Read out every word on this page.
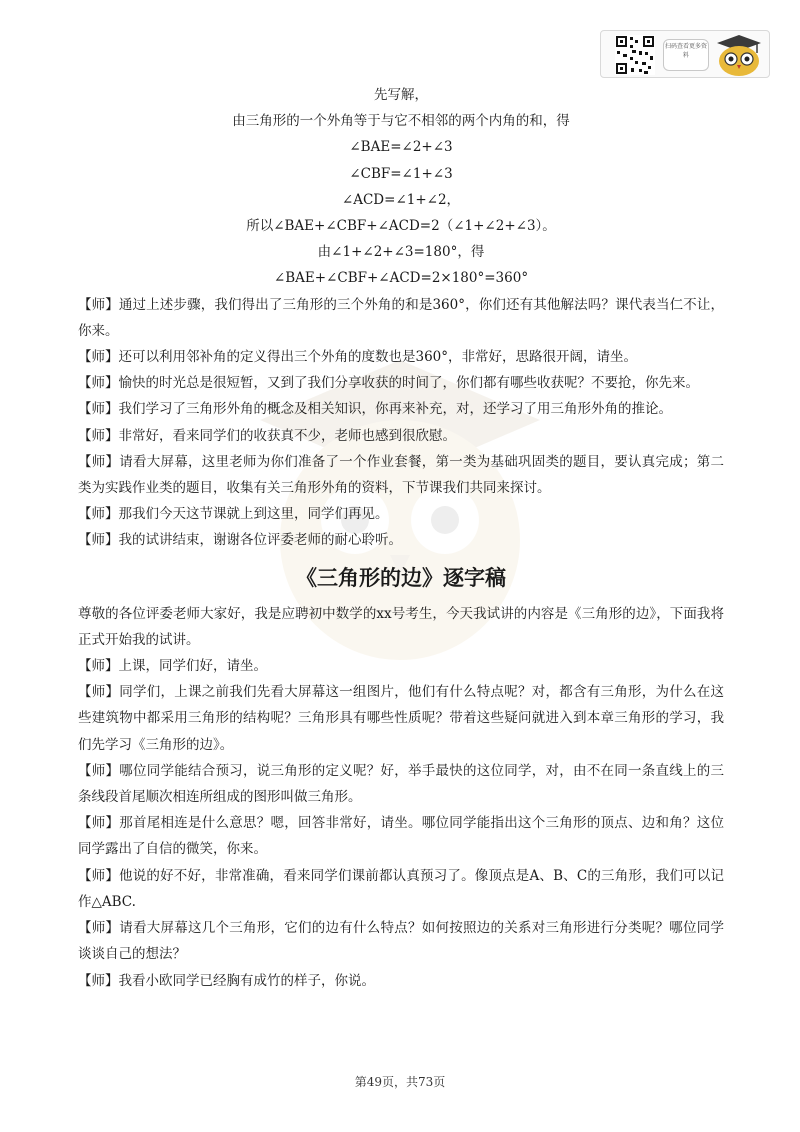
扫码查看更多资料
先写解，
由三角形的一个外角等于与它不相邻的两个内角的和，得
∠BAE=∠2+∠3
∠CBF=∠1+∠3
∠ACD=∠1+∠2，
所以∠BAE+∠CBF+∠ACD=2（∠1+∠2+∠3）。
由∠1+∠2+∠3=180°，得
∠BAE+∠CBF+∠ACD=2×180°=360°

【师】通过上述步骤，我们得出了三角形的三个外角的和是360°，你们还有其他解法吗？课代表当仁不让，你来。

【师】还可以利用邻补角的定义得出三个外角的度数也是360°，非常好，思路很开阔，请坐。

【师】愉快的时光总是很短暂，又到了我们分享收获的时间了，你们都有哪些收获呢？不要抢，你先来。

【师】我们学习了三角形外角的概念及相关知识，你再来补充，对，还学习了用三角形外角的推论。

【师】非常好，看来同学们的收获真不少，老师也感到很欣慰。

【师】请看大屏幕，这里老师为你们准备了一个作业套餐，第一类为基础巩固类的题目，要认真完成；第二类为实践作业类的题目，收集有关三角形外角的资料，下节课我们共同来探讨。

【师】那我们今天这节课就上到这里，同学们再见。

【师】我的试讲结束，谢谢各位评委老师的耐心聆听。

《三角形的边》逐字稿

尊敬的各位评委老师大家好，我是应聘初中数学的xx号考生，今天我试讲的内容是《三角形的边》，下面我将正式开始我的试讲。

【师】上课，同学们好，请坐。

【师】同学们，上课之前我们先看大屏幕这一组图片，他们有什么特点呢？对，都含有三角形，为什么在这些建筑物中都采用三角形的结构呢？三角形具有哪些性质呢？带着这些疑问就进入到本章三角形的学习，我们先学习《三角形的边》。

【师】哪位同学能结合预习，说三角形的定义呢？好，举手最快的这位同学，对，由不在同一条直线上的三条线段首尾顺次相连所组成的图形叫做三角形。

【师】那首尾相连是什么意思？嗯，回答非常好，请坐。哪位同学能指出这个三角形的顶点、边和角？这位同学露出了自信的微笑，你来。

【师】他说的好不好，非常准确，看来同学们课前都认真预习了。像顶点是A、B、C的三角形，我们可以记作△ABC.

【师】请看大屏幕这几个三角形，它们的边有什么特点？如何按照边的关系对三角形进行分类呢？哪位同学谈谈自己的想法？

【师】我看小欧同学已经胸有成竹的样子，你说。

第49页，共73页
